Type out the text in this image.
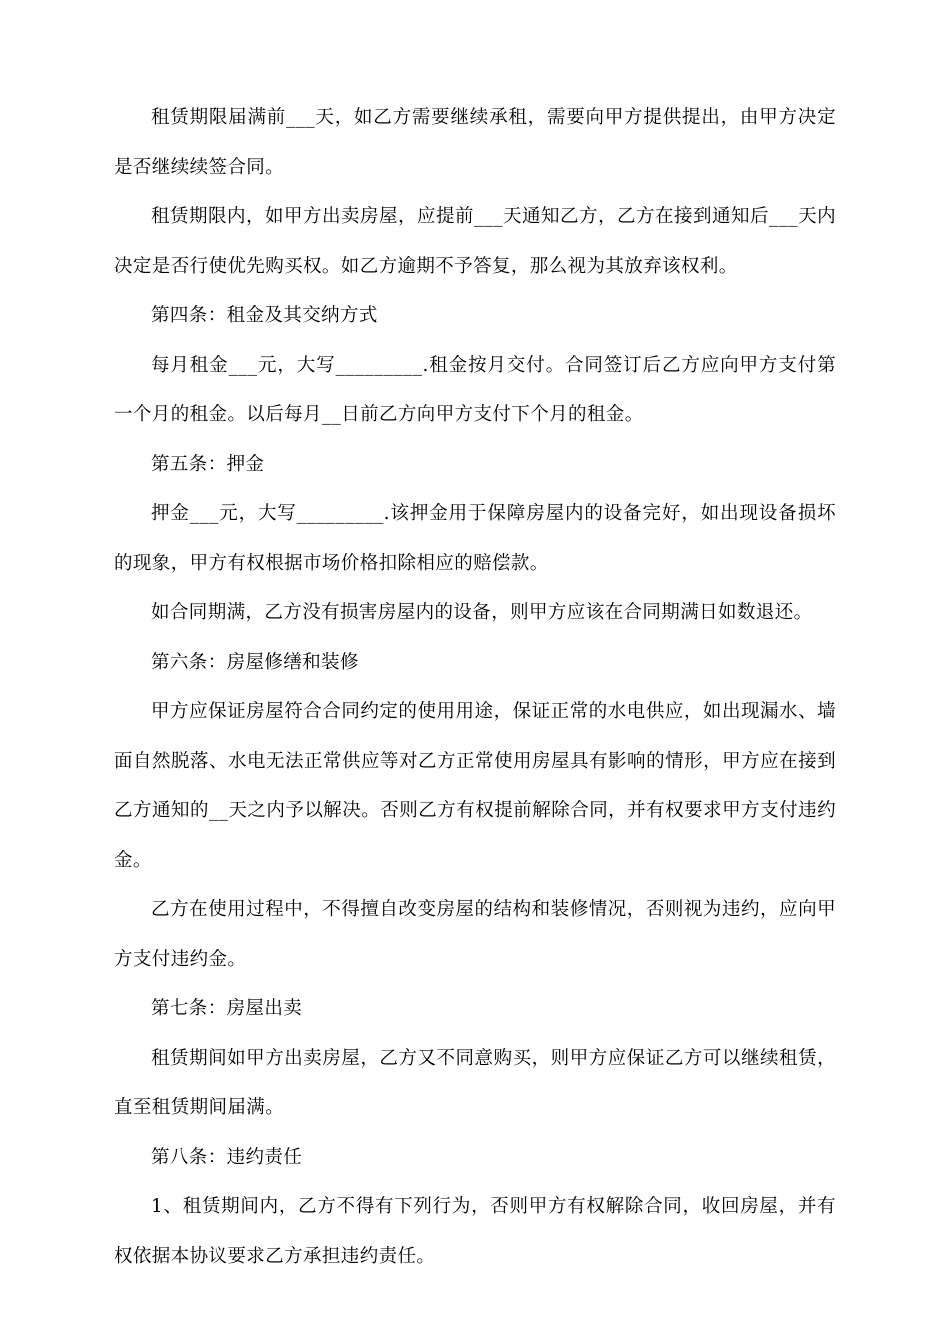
租赁期限届满前___天，如乙方需要继续承租，需要向甲方提供提出，由甲方决定是否继续续签合同。

租赁期限内，如甲方出卖房屋，应提前___天通知乙方，乙方在接到通知后___天内决定是否行使优先购买权。如乙方逾期不予答复，那么视为其放弃该权利。

第四条：租金及其交纳方式

每月租金___元，大写_________.租金按月交付。合同签订后乙方应向甲方支付第一个月的租金。以后每月__日前乙方向甲方支付下个月的租金。

第五条：押金

押金___元，大写_________.该押金用于保障房屋内的设备完好，如出现设备损坏的现象，甲方有权根据市场价格扣除相应的赔偿款。

如合同期满，乙方没有损害房屋内的设备，则甲方应该在合同期满日如数退还。

第六条：房屋修缮和装修

甲方应保证房屋符合合同约定的使用用途，保证正常的水电供应，如出现漏水、墙面自然脱落、水电无法正常供应等对乙方正常使用房屋具有影响的情形，甲方应在接到乙方通知的__天之内予以解决。否则乙方有权提前解除合同，并有权要求甲方支付违约金。

乙方在使用过程中，不得擅自改变房屋的结构和装修情况，否则视为违约，应向甲方支付违约金。

第七条：房屋出卖

租赁期间如甲方出卖房屋，乙方又不同意购买，则甲方应保证乙方可以继续租赁，直至租赁期间届满。

第八条：违约责任

1、租赁期间内，乙方不得有下列行为，否则甲方有权解除合同，收回房屋，并有权依据本协议要求乙方承担违约责任。
